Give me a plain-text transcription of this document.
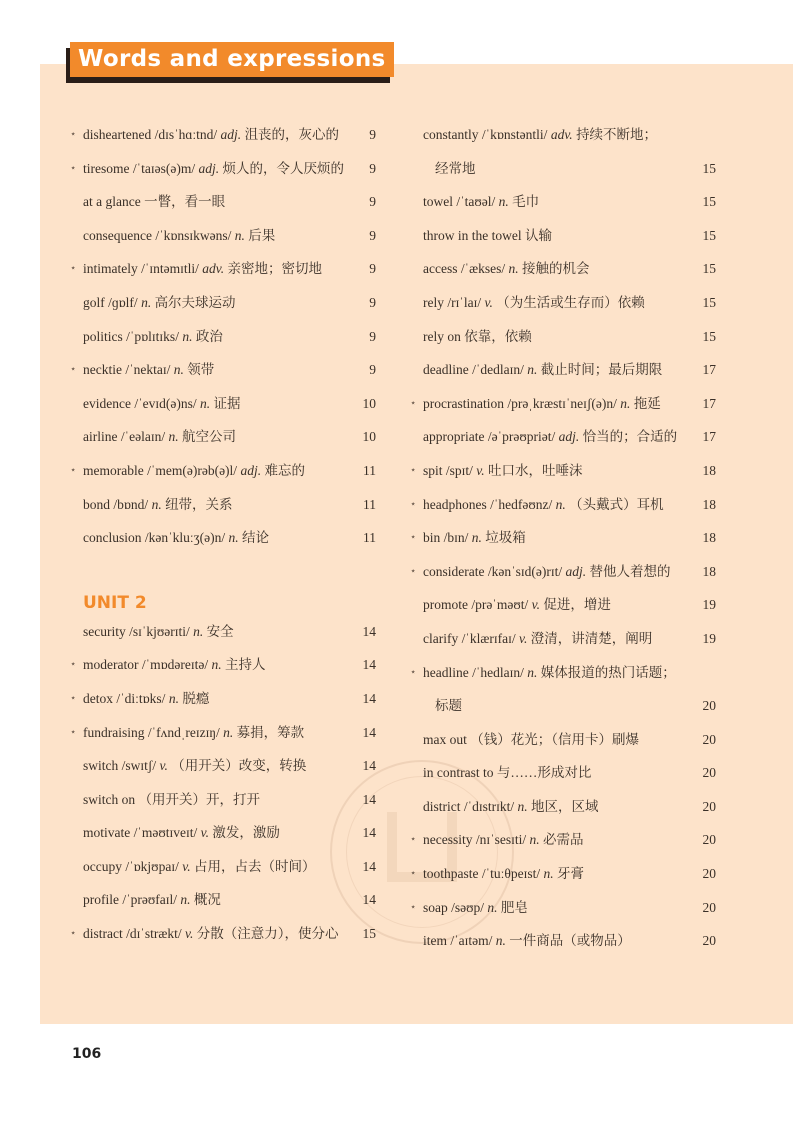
Words and expressions
⋆ disheartened /dɪsˈhɑːtnd/ adj. 沮丧的，灰心的 9
⋆ tiresome /ˈtaɪəs(ə)m/ adj. 烦人的，令人厌烦的 9
at a glance 一瞥，看一眼	9
consequence /ˈkɒnsɪkwəns/ n. 后果	9
⋆ intimately /ˈɪntəmɪtli/ adv. 亲密地；密切地	9
golf /ɡɒlf/ n. 高尔夫球运动	9
politics /ˈpɒlɪtɪks/ n. 政治	9
⋆ necktie /ˈnektaɪ/ n. 领带	9
evidence /ˈevɪd(ə)ns/ n. 证据	10
airline /ˈeəlaɪn/ n. 航空公司	10
⋆ memorable /ˈmem(ə)rəb(ə)l/ adj. 难忘的	11
bond /bɒnd/ n. 纽带，关系	11
conclusion /kənˈkluːʒ(ə)n/ n. 结论	11
UNIT 2
security /sɪˈkjʊərɪti/ n. 安全	14
⋆ moderator /ˈmɒdəreɪtə/ n. 主持人	14
⋆ detox /ˈdiːtɒks/ n. 脱瘾	14
⋆ fundraising /ˈfʌndˌreɪzɪŋ/ n. 募捐，筹款	14
switch /swɪtʃ/ v. （用开关）改变，转换	14
switch on （用开关）开，打开	14
motivate /ˈməʊtɪveɪt/ v. 激发，激励	14
occupy /ˈɒkjʊpaɪ/ v. 占用，占去（时间）	14
profile /ˈprəʊfaɪl/ n. 概况	14
⋆ distract /dɪˈstrækt/ v. 分散（注意力），使分心 15
constantly /ˈkɒnstəntli/ adv. 持续不断地；
经常地	15
towel /ˈtaʊəl/ n. 毛巾	15
throw in the towel 认输	15
access /ˈækses/ n. 接触的机会	15
rely /rɪˈlaɪ/ v. （为生活或生存而）依赖	15
rely on 依靠，依赖	15
deadline /ˈdedlaɪn/ n. 截止时间；最后期限	17
⋆ procrastination /prəˌkræstɪˈneɪʃ(ə)n/ n. 拖延	17
appropriate /əˈprəʊpriət/ adj. 恰当的；合适的 17
⋆ spit /spɪt/ v. 吐口水，吐唾沫	18
⋆ headphones /ˈhedfəʊnz/ n. （头戴式）耳机	18
⋆ bin /bɪn/ n. 垃圾箱	18
⋆ considerate /kənˈsɪd(ə)rɪt/ adj. 替他人着想的 18
promote /prəˈməʊt/ v. 促进，增进	19
clarify /ˈklærɪfaɪ/ v. 澄清，讲清楚，阐明	19
⋆ headline /ˈhedlaɪn/ n. 媒体报道的热门话题；
标题	20
max out （钱）花光；（信用卡）刷爆	20
in contrast to 与……形成对比	20
district /ˈdɪstrɪkt/ n. 地区，区域	20
⋆ necessity /nɪˈsesɪti/ n. 必需品	20
⋆ toothpaste /ˈtuːθpeɪst/ n. 牙膏	20
⋆ soap /səʊp/ n. 肥皂	20
item /ˈaɪtəm/ n. 一件商品（或物品）	20
106
